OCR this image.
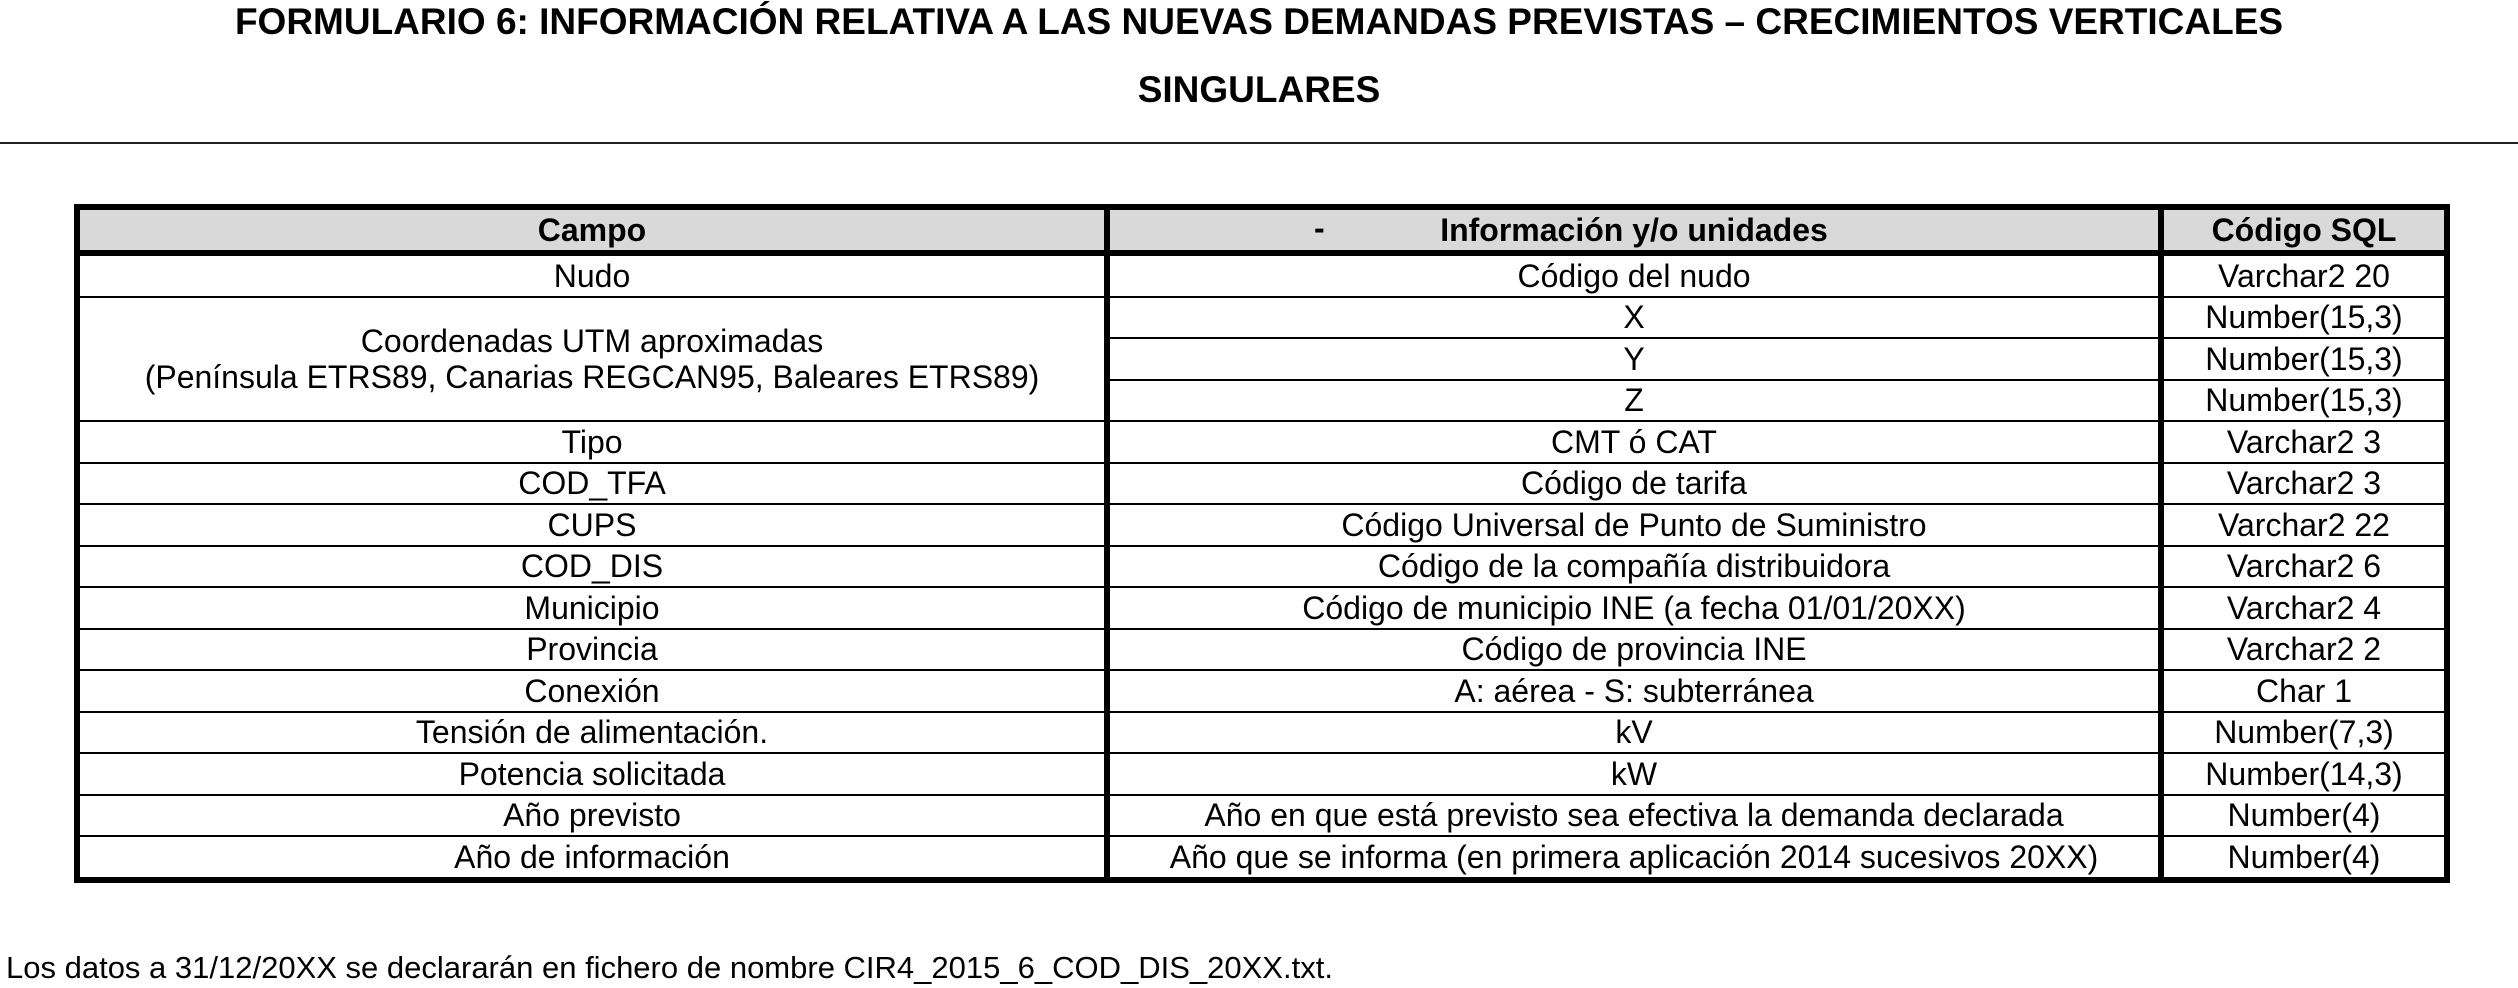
FORMULARIO 6: INFORMACIÓN RELATIVA A LAS NUEVAS DEMANDAS PREVISTAS – CRECIMIENTOS VERTICALES
SINGULARES
Campo	- Información y/o unidades	Código SQL
Nudo	Código del nudo	Varchar2 20

Coordenadas UTM aproximadas
(Península ETRS89, Canarias REGCAN95, Baleares ETRS89)	X	Number(15,3)
	Y	Number(15,3)
	Z	Number(15,3)
Tipo	CMT ó CAT	Varchar2 3
COD_TFA	Código de tarifa	Varchar2 3
CUPS	Código Universal de Punto de Suministro	Varchar2 22
COD_DIS	Código de la compañía distribuidora	Varchar2 6
Municipio	Código de municipio INE (a fecha 01/01/20XX)	Varchar2 4
Provincia	Código de provincia INE	Varchar2 2
Conexión	A: aérea - S: subterránea	Char 1
Tensión de alimentación.	kV	Number(7,3)
Potencia solicitada	kW	Number(14,3)
Año previsto	Año en que está previsto sea efectiva la demanda declarada	Number(4)
Año de información	Año que se informa (en primera aplicación 2014 sucesivos 20XX)	Number(4)
Los datos a 31/12/20XX se declararán en fichero de nombre CIR4_2015_6_COD_DIS_20XX.txt.
